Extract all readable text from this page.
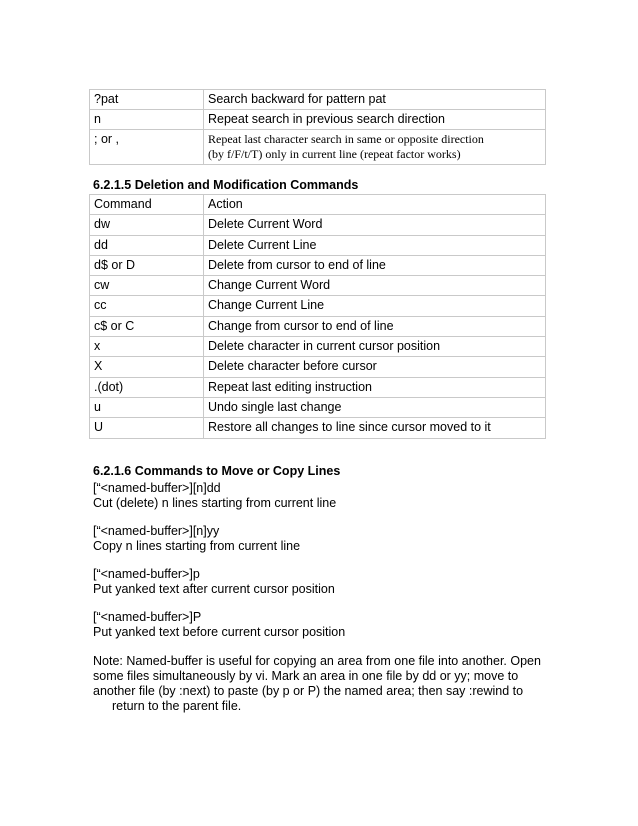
?pat	Search backward for pattern pat
n	Repeat search in previous search direction
; or ,	Repeat last character search in same or opposite direction
(by f/F/t/T) only in current line (repeat factor works)
6.2.1.5 Deletion and Modification Commands
Command	Action
dw	Delete Current Word
dd	Delete Current Line
d$ or D	Delete from cursor to end of line
cw	Change Current Word
cc	Change Current Line
c$ or C	Change from cursor to end of line
x	Delete character in current cursor position
X	Delete character before cursor
.(dot)	Repeat last editing instruction
u	Undo single last change
U	Restore all changes to line since cursor moved to it
6.2.1.6 Commands to Move or Copy Lines
[“<named-buffer>][n]dd
Cut (delete) n lines starting from current line
[“<named-buffer>][n]yy
Copy n lines starting from current line
[“<named-buffer>]p
Put yanked text after current cursor position
[“<named-buffer>]P
Put yanked text before current cursor position
Note: Named-buffer is useful for copying an area from one file into another. Open
some files simultaneously by vi. Mark an area in one file by dd or yy; move to
another file (by :next) to paste (by p or P) the named area; then say :rewind to
return to the parent file.
